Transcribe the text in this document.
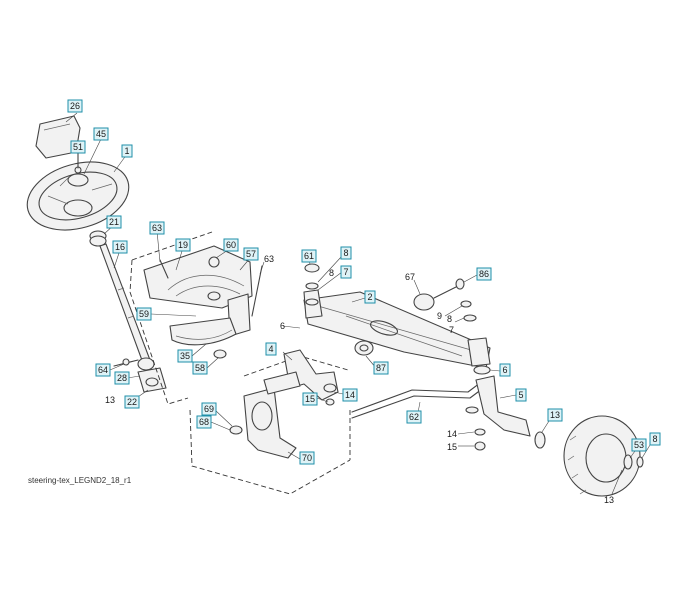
26
45
51	1
21
16
63
19	60
57	61	8
7
2
86
59
35
58
64
28
22
4
14
15
69
68
70
62
87	6
5
13
53
8
63
8	67
9 8
7
6
13
14
15
13
steering-tex_LEGND2_18_r1
